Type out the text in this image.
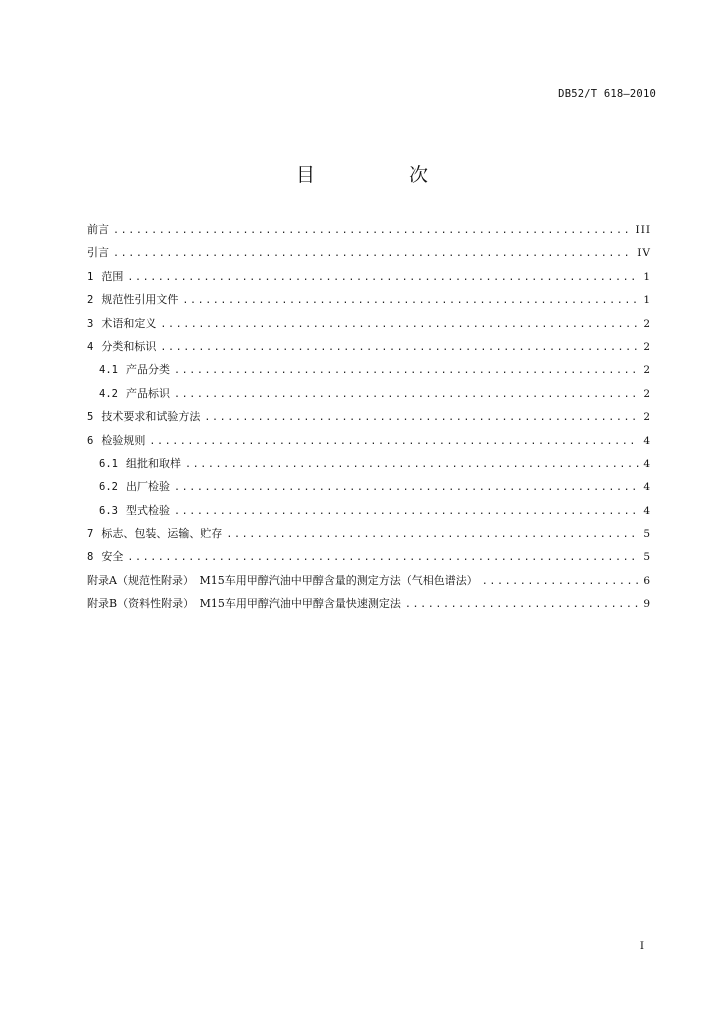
DB52/T 618—2010
目 次
前言 .....	III
引言 .....	IV
1 范围 .....	1
2 规范性引用文件 .....	1
3 术语和定义 .....	2
4 分类和标识 .....	2
4.1 产品分类 .....	2
4.2 产品标识 .....	2
5 技术要求和试验方法 .....	2
6 检验规则 .....	4
6.1 组批和取样 .....	4
6.2 出厂检验 .....	4
6.3 型式检验 .....	4
7 标志、包装、运输、贮存 .....	5
8 安全 .....	5
附录A（规范性附录）　M15车用甲醇汽油中甲醇含量的测定方法（气相色谱法） .....	6
附录B（资料性附录）　M15车用甲醇汽油中甲醇含量快速测定法 .....	9
I
